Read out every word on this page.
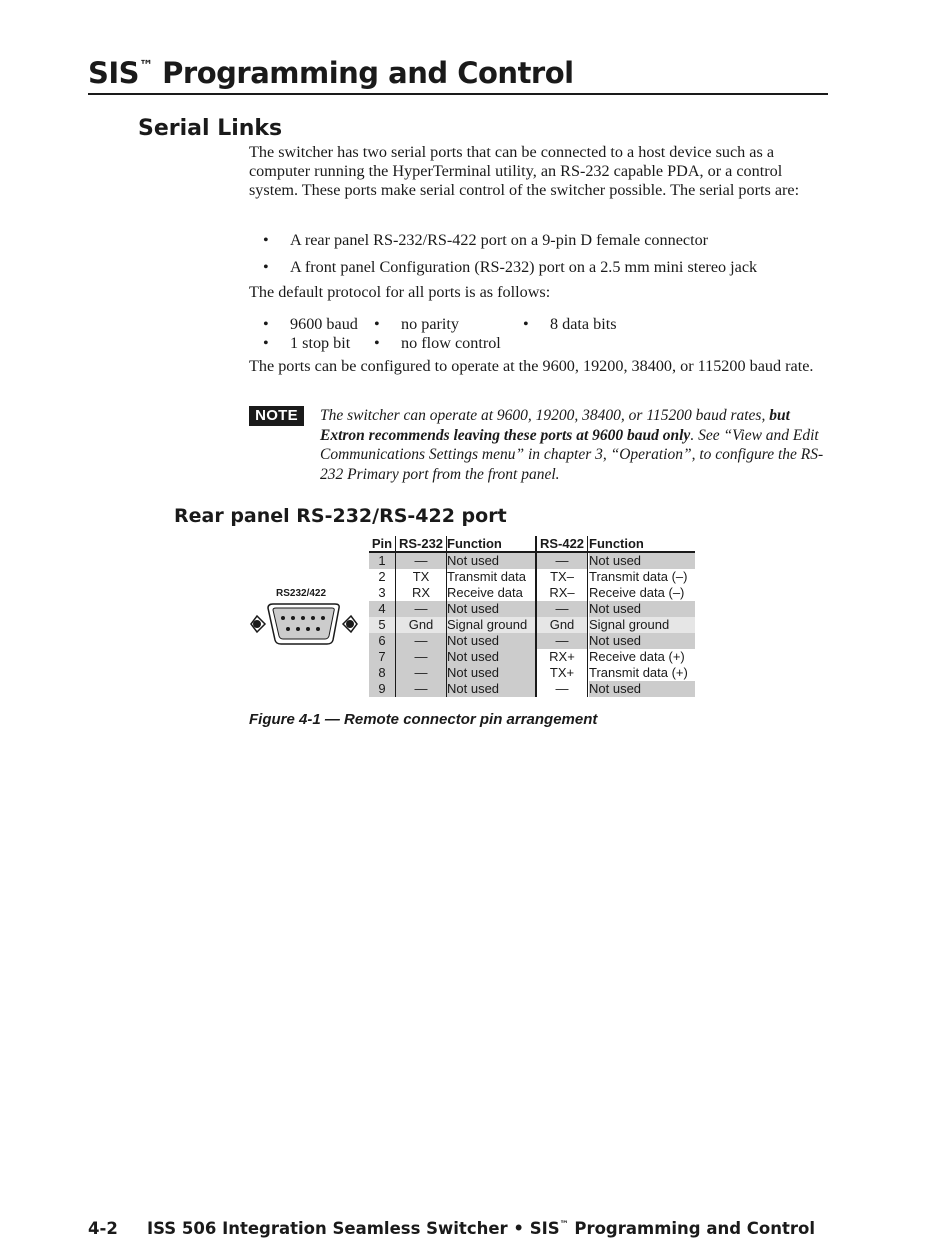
SIS™ Programming and Control
Serial Links
The switcher has two serial ports that can be connected to a host device such as a computer running the HyperTerminal utility, an RS-232 capable PDA, or a control system. These ports make serial control of the switcher possible. The serial ports are:
• A rear panel RS-232/RS-422 port on a 9-pin D female connector
• A front panel Configuration (RS-232) port on a 2.5 mm mini stereo jack
The default protocol for all ports is as follows:
• 9600 baud • no parity	• 8 data bits
• 1 stop bit • no flow control
The ports can be configured to operate at the 9600, 19200, 38400, or 115200 baud rate.
NOTE	The switcher can operate at 9600, 19200, 38400, or 115200 baud rates, but Extron recommends leaving these ports at 9600 baud only. See “View and Edit Communications Settings menu” in chapter 3, “Operation”, to configure the RS-232 Primary port from the front panel.
Rear panel RS-232/RS-422 port
RS232/422
Pin RS-232 Function	RS-422 Function
1	—	Not used	—	Not used
2	TX	Transmit data	TX–	Transmit data (–)
3	RX	Receive data	RX–	Receive data (–)
4	—	Not used	—	Not used
5	Gnd	Signal ground	Gnd	Signal ground
6	—	Not used	—	Not used
7	—	Not used	RX+	Receive data (+)
8	—	Not used	TX+	Transmit data (+)
9	—	Not used	—	Not used
Figure 4-1 — Remote connector pin arrangement
4-2 ISS 506 Integration Seamless Switcher • SIS™ Programming and Control
